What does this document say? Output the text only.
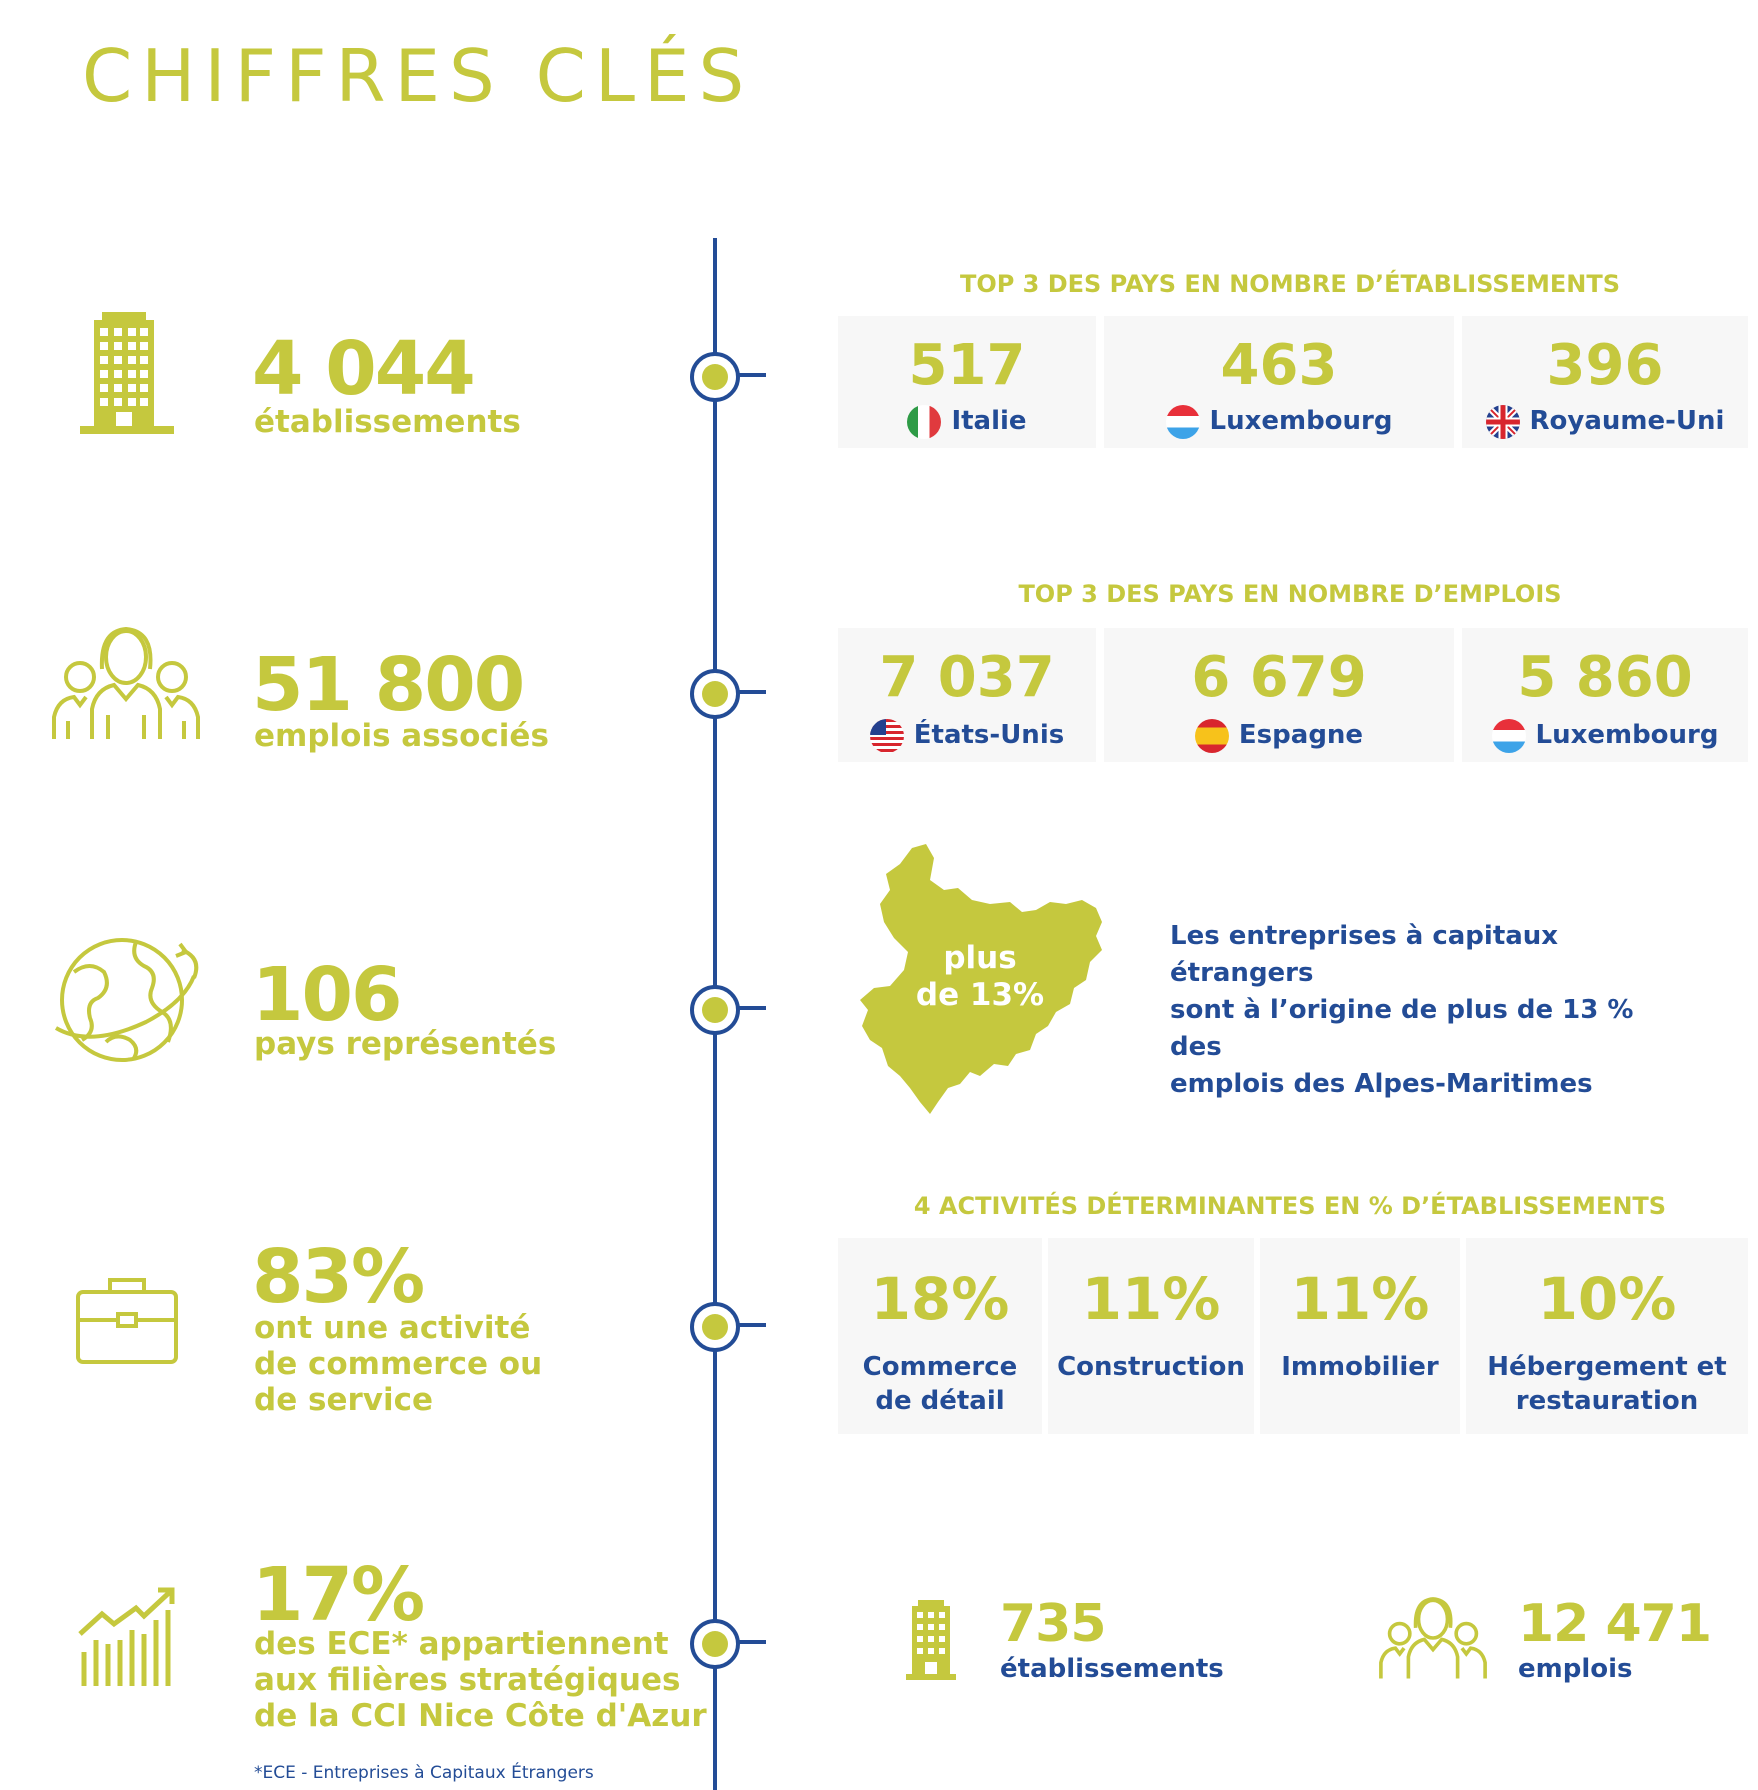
CHIFFRES CLÉS
4 044
établissements
51 800
emplois associés
106
pays représentés
83%
ont une activité
de commerce ou
de service
17%
des ECE* appartiennent
aux filières stratégiques
de la CCI Nice Côte d'Azur
*ECE - Entreprises à Capitaux Étrangers
TOP 3 DES PAYS EN NOMBRE D’ÉTABLISSEMENTS
517
Italie
463
Luxembourg
396
Royaume-Uni
TOP 3 DES PAYS EN NOMBRE D’EMPLOIS
7 037
États-Unis
6 679
Espagne
5 860
Luxembourg
plus
de 13%
Les entreprises à capitaux étrangers
sont à l’origine de plus de 13 % des
emplois des Alpes-Maritimes
4 ACTIVITÉS DÉTERMINANTES EN % D’ÉTABLISSEMENTS
18%
Commerce
de détail
11%
Construction
11%
Immobilier
10%
Hébergement et
restauration
735
établissements
12 471
emplois
